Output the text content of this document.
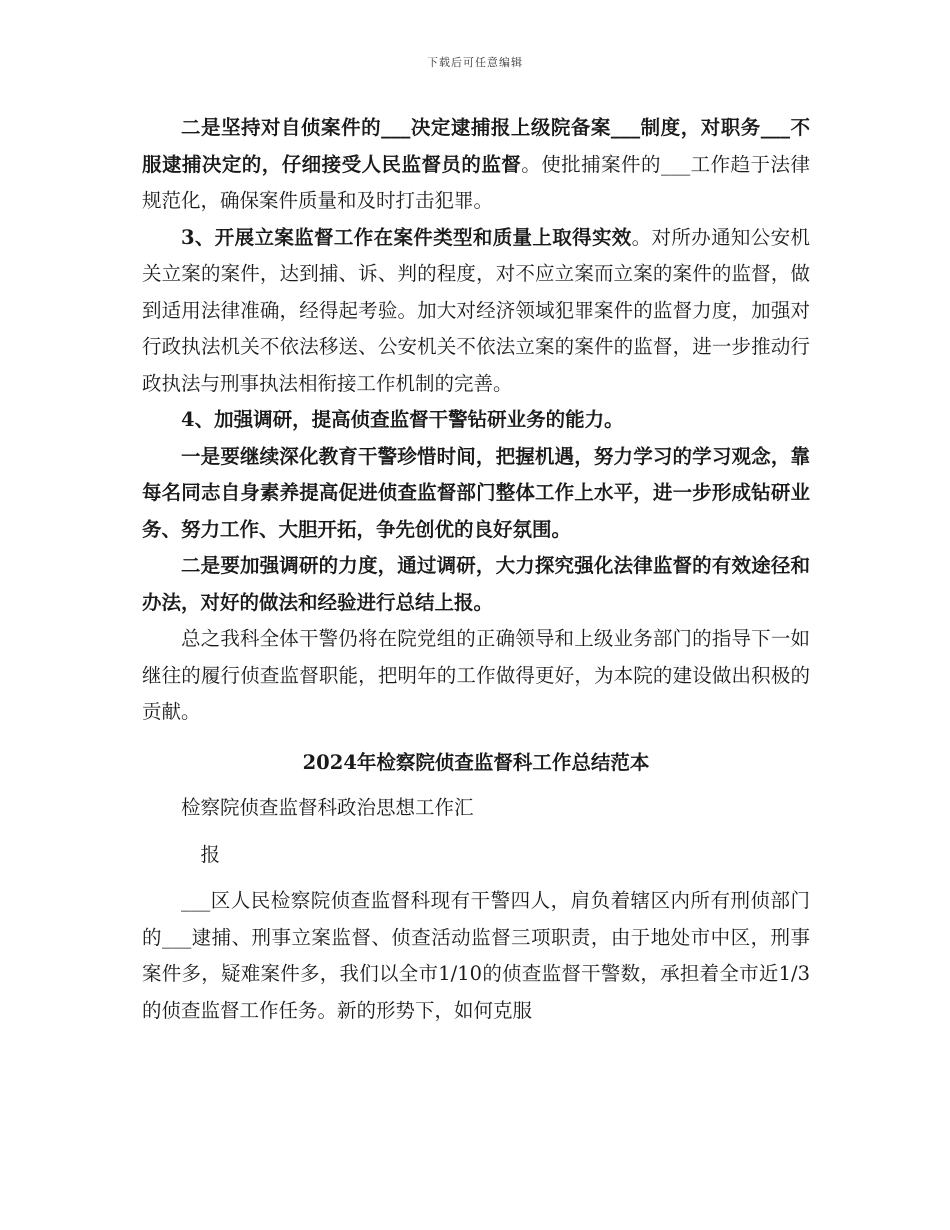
下载后可任意编辑

二是坚持对自侦案件的___决定逮捕报上级院备案___制度，对职务___不服逮捕决定的，仔细接受人民监督员的监督。使批捕案件的___工作趋于法律规范化，确保案件质量和及时打击犯罪。

3、开展立案监督工作在案件类型和质量上取得实效。对所办通知公安机关立案的案件，达到捕、诉、判的程度，对不应立案而立案的案件的监督，做到适用法律准确，经得起考验。加大对经济领域犯罪案件的监督力度，加强对行政执法机关不依法移送、公安机关不依法立案的案件的监督，进一步推动行政执法与刑事执法相衔接工作机制的完善。

4、加强调研，提高侦查监督干警钻研业务的能力。

一是要继续深化教育干警珍惜时间，把握机遇，努力学习的学习观念，靠每名同志自身素养提高促进侦查监督部门整体工作上水平，进一步形成钻研业务、努力工作、大胆开拓，争先创优的良好氛围。

二是要加强调研的力度，通过调研，大力探究强化法律监督的有效途径和办法，对好的做法和经验进行总结上报。

总之我科全体干警仍将在院党组的正确领导和上级业务部门的指导下一如继往的履行侦查监督职能，把明年的工作做得更好，为本院的建设做出积极的贡献。

2024年检察院侦查监督科工作总结范本

检察院侦查监督科政治思想工作汇

报

___区人民检察院侦查监督科现有干警四人，肩负着辖区内所有刑侦部门的___逮捕、刑事立案监督、侦查活动监督三项职责，由于地处市中区，刑事案件多，疑难案件多，我们以全市1/10的侦查监督干警数，承担着全市近1/3的侦查监督工作任务。新的形势下，如何克服
